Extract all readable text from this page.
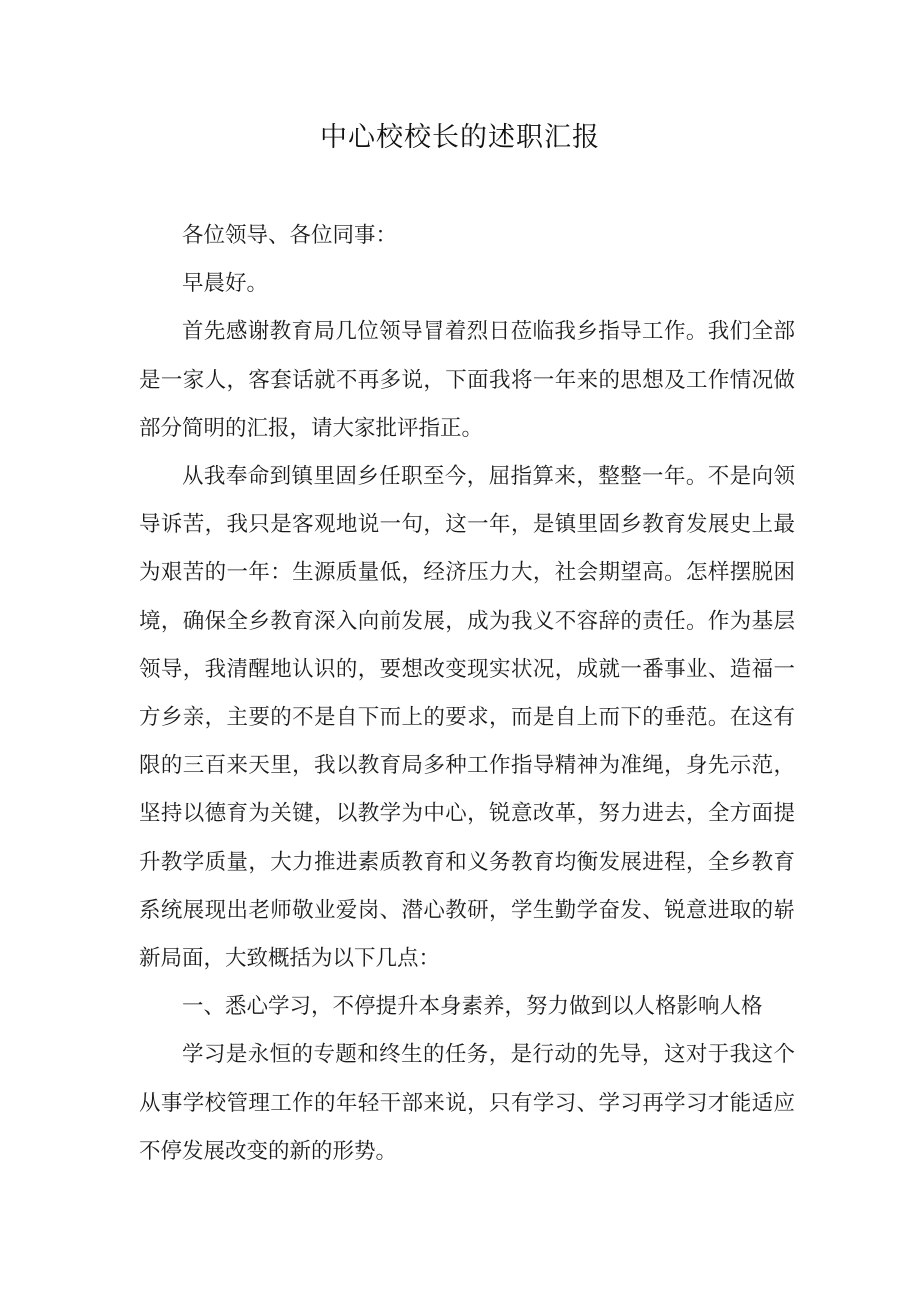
中心校校长的述职汇报

各位领导、各位同事：

早晨好。

首先感谢教育局几位领导冒着烈日莅临我乡指导工作。我们全部是一家人，客套话就不再多说，下面我将一年来的思想及工作情况做部分简明的汇报，请大家批评指正。

从我奉命到镇里固乡任职至今，屈指算来，整整一年。不是向领导诉苦，我只是客观地说一句，这一年，是镇里固乡教育发展史上最为艰苦的一年：生源质量低，经济压力大，社会期望高。怎样摆脱困境，确保全乡教育深入向前发展，成为我义不容辞的责任。作为基层领导，我清醒地认识的，要想改变现实状况，成就一番事业、造福一方乡亲，主要的不是自下而上的要求，而是自上而下的垂范。在这有限的三百来天里，我以教育局多种工作指导精神为准绳，身先示范，坚持以德育为关键，以教学为中心，锐意改革，努力进去，全方面提升教学质量，大力推进素质教育和义务教育均衡发展进程，全乡教育系统展现出老师敬业爱岗、潜心教研，学生勤学奋发、锐意进取的崭新局面，大致概括为以下几点：

一、悉心学习，不停提升本身素养，努力做到以人格影响人格

学习是永恒的专题和终生的任务，是行动的先导，这对于我这个从事学校管理工作的年轻干部来说，只有学习、学习再学习才能适应不停发展改变的新的形势。
